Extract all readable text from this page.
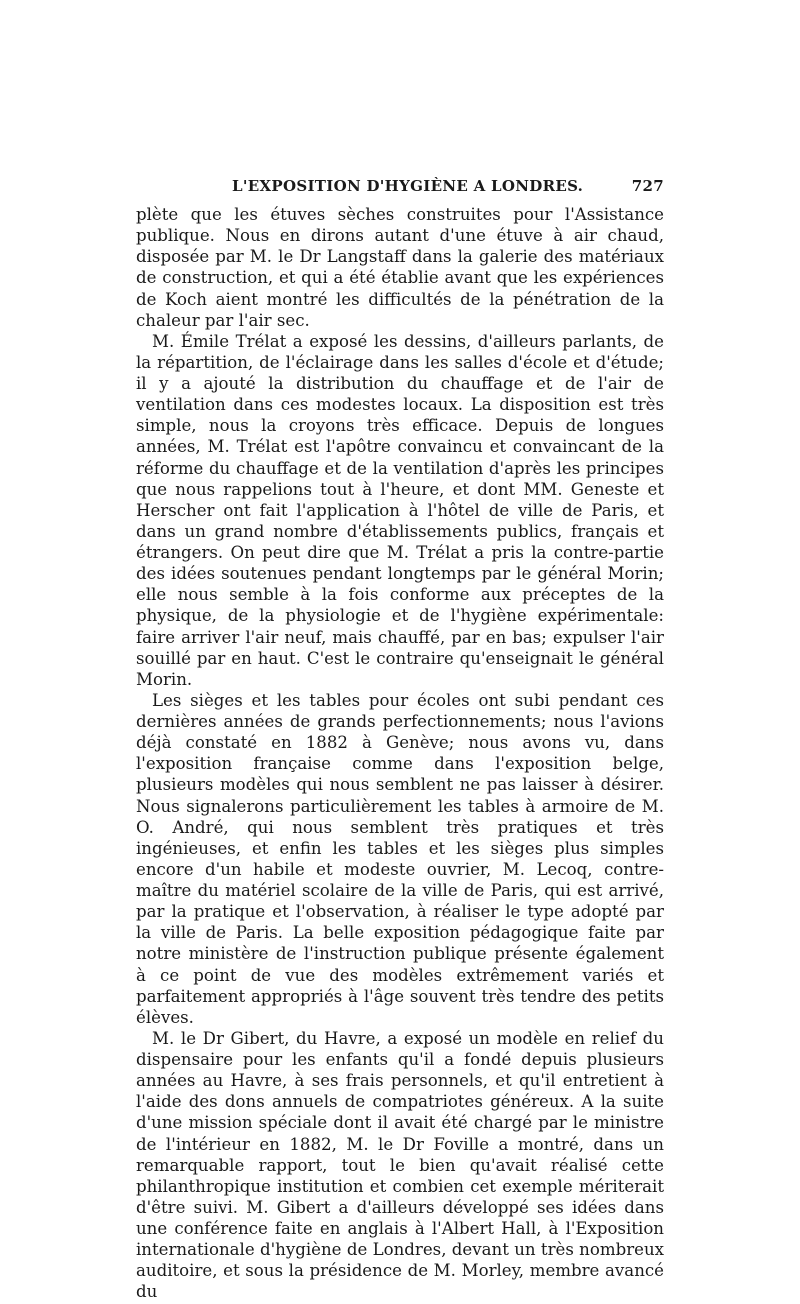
L'EXPOSITION D'HYGIÈNE A LONDRES.	727

plète que les étuves sèches construites pour l'Assistance publique. Nous en dirons autant d'une étuve à air chaud, disposée par M. le Dr Langstaff dans la galerie des matériaux de construction, et qui a été établie avant que les expériences de Koch aient montré les difficultés de la pénétration de la chaleur par l'air sec.

M. Émile Trélat a exposé les dessins, d'ailleurs parlants, de la répartition, de l'éclairage dans les salles d'école et d'étude; il y a ajouté la distribution du chauffage et de l'air de ventilation dans ces modestes locaux. La disposition est très simple, nous la croyons très efficace. Depuis de longues années, M. Trélat est l'apôtre convaincu et convaincant de la réforme du chauffage et de la ventilation d'après les principes que nous rappelions tout à l'heure, et dont MM. Geneste et Herscher ont fait l'application à l'hôtel de ville de Paris, et dans un grand nombre d'établissements publics, français et étrangers. On peut dire que M. Trélat a pris la contre-partie des idées soutenues pendant longtemps par le général Morin; elle nous semble à la fois conforme aux préceptes de la physique, de la physiologie et de l'hygiène expérimentale: faire arriver l'air neuf, mais chauffé, par en bas; expulser l'air souillé par en haut. C'est le contraire qu'enseignait le général Morin.

Les sièges et les tables pour écoles ont subi pendant ces dernières années de grands perfectionnements; nous l'avions déjà constaté en 1882 à Genève; nous avons vu, dans l'exposition française comme dans l'exposition belge, plusieurs modèles qui nous semblent ne pas laisser à désirer. Nous signalerons particulièrement les tables à armoire de M. O. André, qui nous semblent très pratiques et très ingénieuses, et enfin les tables et les sièges plus simples encore d'un habile et modeste ouvrier, M. Lecoq, contre-maître du matériel scolaire de la ville de Paris, qui est arrivé, par la pratique et l'observation, à réaliser le type adopté par la ville de Paris. La belle exposition pédagogique faite par notre ministère de l'instruction publique présente également à ce point de vue des modèles extrêmement variés et parfaitement appropriés à l'âge souvent très tendre des petits élèves.

M. le Dr Gibert, du Havre, a exposé un modèle en relief du dispensaire pour les enfants qu'il a fondé depuis plusieurs années au Havre, à ses frais personnels, et qu'il entretient à l'aide des dons annuels de compatriotes généreux. A la suite d'une mission spéciale dont il avait été chargé par le ministre de l'intérieur en 1882, M. le Dr Foville a montré, dans un remarquable rapport, tout le bien qu'avait réalisé cette philanthropique institution et combien cet exemple mériterait d'être suivi. M. Gibert a d'ailleurs développé ses idées dans une conférence faite en anglais à l'Albert Hall, à l'Exposition internationale d'hygiène de Londres, devant un très nombreux auditoire, et sous la présidence de M. Morley, membre avancé du
